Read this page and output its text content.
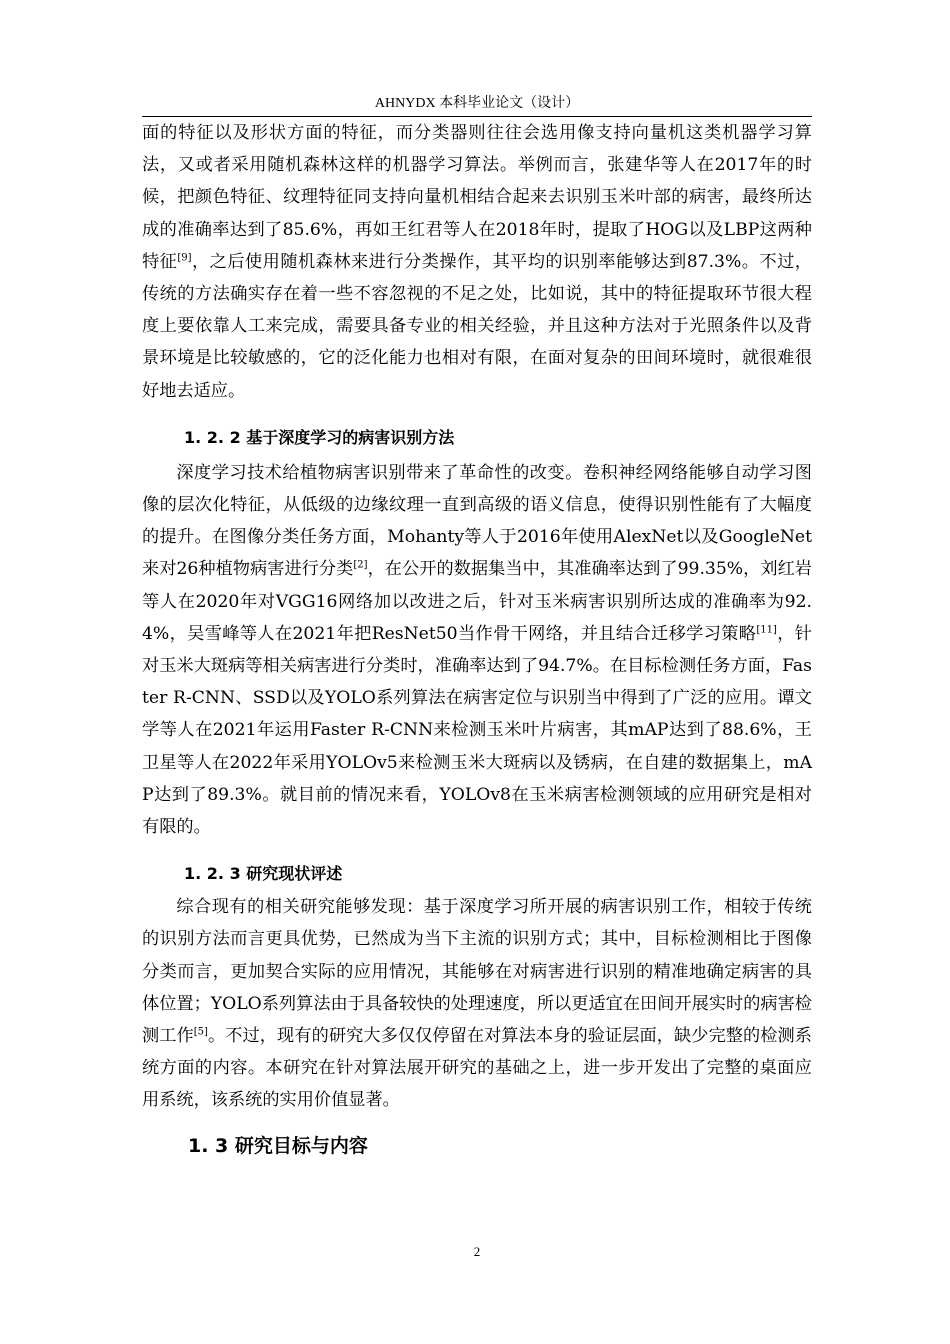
AHNYDX 本科毕业论文（设计）

面的特征以及形状方面的特征，而分类器则往往会选用像支持向量机这类机器学习算法，又或者采用随机森林这样的机器学习算法。举例而言，张建华等人在2017年的时候，把颜色特征、纹理特征同支持向量机相结合起来去识别玉米叶部的病害，最终所达成的准确率达到了85.6%，再如王红君等人在2018年时，提取了HOG以及LBP这两种特征[9]，之后使用随机森林来进行分类操作，其平均的识别率能够达到87.3%。不过，传统的方法确实存在着一些不容忽视的不足之处，比如说，其中的特征提取环节很大程度上要依靠人工来完成，需要具备专业的相关经验，并且这种方法对于光照条件以及背景环境是比较敏感的，它的泛化能力也相对有限，在面对复杂的田间环境时，就很难很好地去适应。

1. 2. 2 基于深度学习的病害识别方法

深度学习技术给植物病害识别带来了革命性的改变。卷积神经网络能够自动学习图像的层次化特征，从低级的边缘纹理一直到高级的语义信息，使得识别性能有了大幅度的提升。在图像分类任务方面，Mohanty等人于2016年使用AlexNet以及GoogleNet来对26种植物病害进行分类[2]，在公开的数据集当中，其准确率达到了99.35%，刘红岩等人在2020年对VGG16网络加以改进之后，针对玉米病害识别所达成的准确率为92.4%，吴雪峰等人在2021年把ResNet50当作骨干网络，并且结合迁移学习策略[11]，针对玉米大斑病等相关病害进行分类时，准确率达到了94.7%。在目标检测任务方面，Faster R-CNN、SSD以及YOLO系列算法在病害定位与识别当中得到了广泛的应用。谭文学等人在2021年运用Faster R-CNN来检测玉米叶片病害，其mAP达到了88.6%，王卫星等人在2022年采用YOLOv5来检测玉米大斑病以及锈病，在自建的数据集上，mAP达到了89.3%。就目前的情况来看，YOLOv8在玉米病害检测领域的应用研究是相对有限的。

1. 2. 3 研究现状评述

综合现有的相关研究能够发现：基于深度学习所开展的病害识别工作，相较于传统的识别方法而言更具优势，已然成为当下主流的识别方式；其中，目标检测相比于图像分类而言，更加契合实际的应用情况，其能够在对病害进行识别的精准地确定病害的具体位置；YOLO系列算法由于具备较快的处理速度，所以更适宜在田间开展实时的病害检测工作[5]。不过，现有的研究大多仅仅停留在对算法本身的验证层面，缺少完整的检测系统方面的内容。本研究在针对算法展开研究的基础之上，进一步开发出了完整的桌面应用系统，该系统的实用价值显著。

1. 3 研究目标与内容
2
